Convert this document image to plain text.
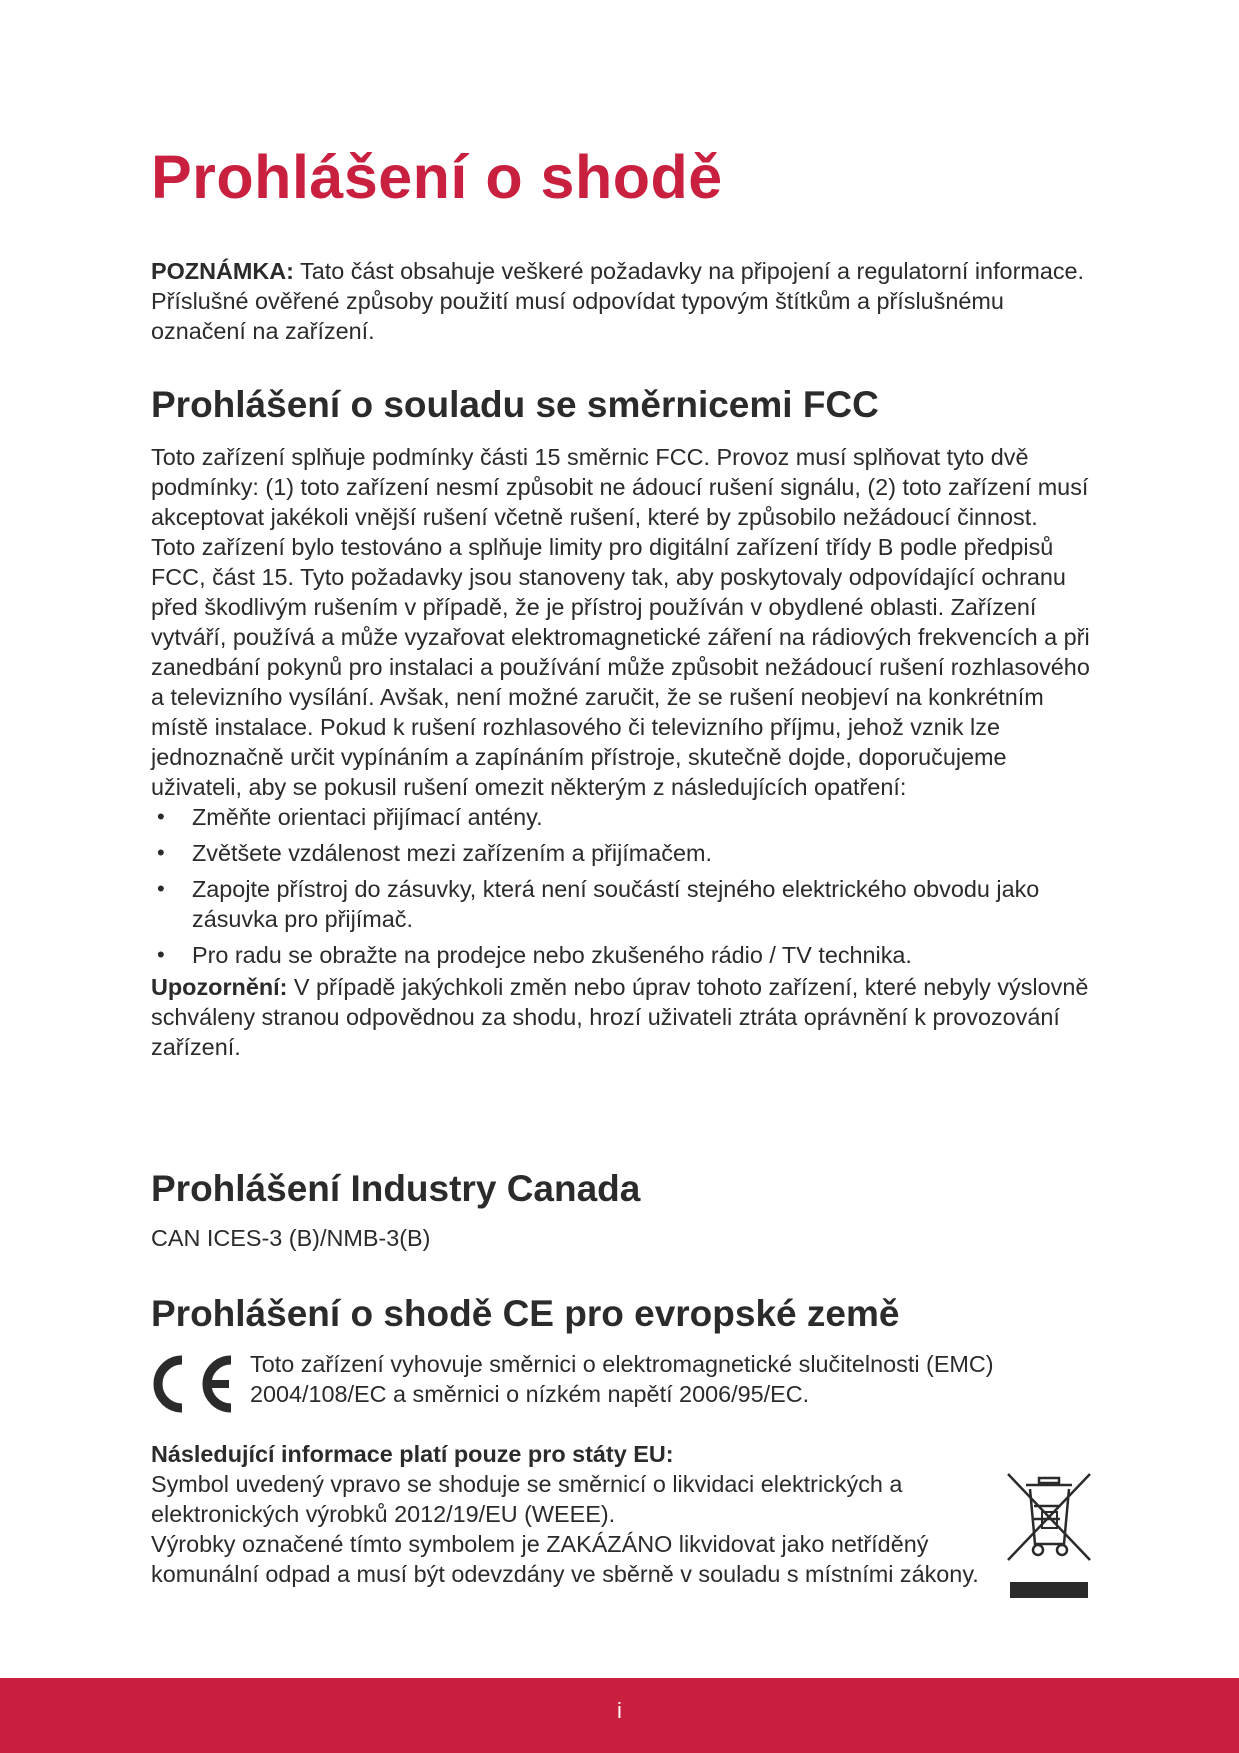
Prohlášení o shodě

POZNÁMKA: Tato část obsahuje veškeré požadavky na připojení a regulatorní informace. Příslušné ověřené způsoby použití musí odpovídat typovým štítkům a příslušnému označení na zařízení.

Prohlášení o souladu se směrnicemi FCC

Toto zařízení splňuje podmínky části 15 směrnic FCC. Provoz musí splňovat tyto dvě podmínky: (1) toto zařízení nesmí způsobit ne ádoucí rušení signálu, (2) toto zařízení musí akceptovat jakékoli vnější rušení včetně rušení, které by způsobilo nežádoucí činnost.

Toto zařízení bylo testováno a splňuje limity pro digitální zařízení třídy B podle předpisů FCC, část 15. Tyto požadavky jsou stanoveny tak, aby poskytovaly odpovídající ochranu před škodlivým rušením v případě, že je přístroj používán v obydlené oblasti. Zařízení vytváří, používá a může vyzařovat elektromagnetické záření na rádiových frekvencích a při zanedbání pokynů pro instalaci a používání může způsobit nežádoucí rušení rozhlasového a televizního vysílání. Avšak, není možné zaručit, že se rušení neobjeví na konkrétním místě instalace. Pokud k rušení rozhlasového či televizního příjmu, jehož vznik lze jednoznačně určit vypínáním a zapínáním přístroje, skutečně dojde, doporučujeme uživateli, aby se pokusil rušení omezit některým z následujících opatření:

• Změňte orientaci přijímací antény.
• Zvětšete vzdálenost mezi zařízením a přijímačem.
• Zapojte přístroj do zásuvky, která není součástí stejného elektrického obvodu jako zásuvka pro přijímač.
• Pro radu se obražte na prodejce nebo zkušeného rádio / TV technika.

Upozornění: V případě jakýchkoli změn nebo úprav tohoto zařízení, které nebyly výslovně schváleny stranou odpovědnou za shodu, hrozí uživateli ztráta oprávnění k provozování zařízení.

Prohlášení Industry Canada

CAN ICES-3 (B)/NMB-3(B)

Prohlášení o shodě CE pro evropské země

Toto zařízení vyhovuje směrnici o elektromagnetické slučitelnosti (EMC) 2004/108/EC a směrnici o nízkém napětí 2006/95/EC.

Následující informace platí pouze pro státy EU:

Symbol uvedený vpravo se shoduje se směrnicí o likvidaci elektrických a elektronických výrobků 2012/19/EU (WEEE).

Výrobky označené tímto symbolem je ZAKÁZÁNO likvidovat jako netříděný komunální odpad a musí být odevzdány ve sběrně v souladu s místními zákony.

i
